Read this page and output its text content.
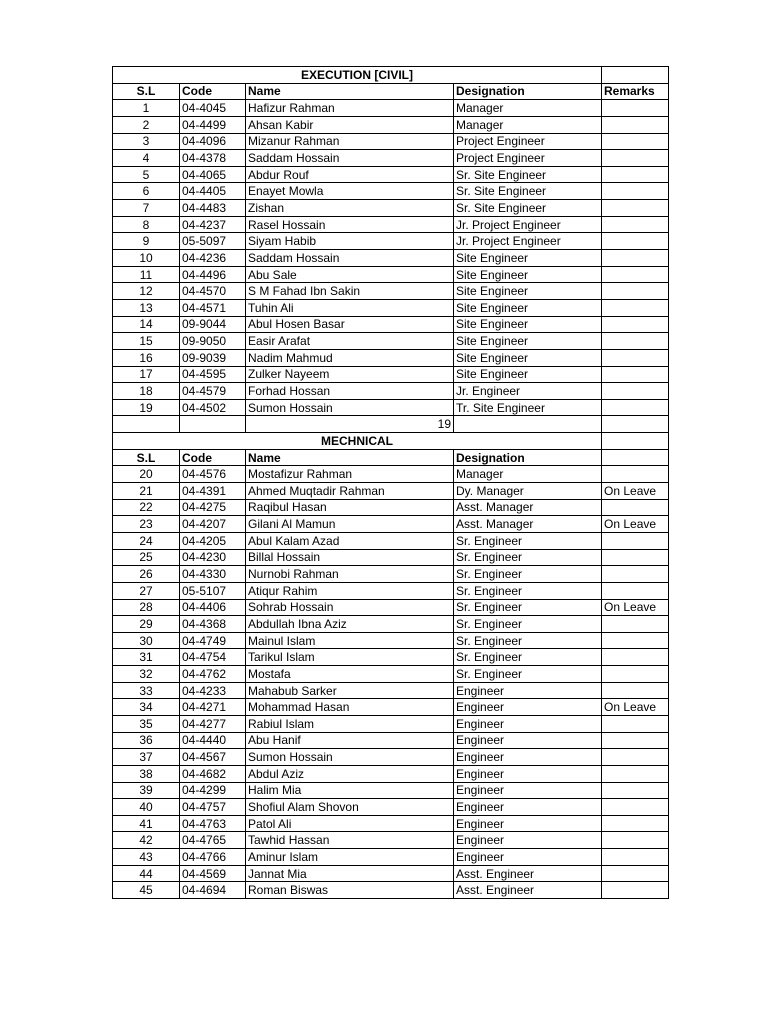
EXECUTION [CIVIL]				
S.L	Code	Name	Designation	Remarks
1	04-4045	Hafizur Rahman	Manager	
2	04-4499	Ahsan Kabir	Manager	
3	04-4096	Mizanur Rahman	Project Engineer	
4	04-4378	Saddam Hossain	Project Engineer	
5	04-4065	Abdur Rouf	Sr. Site Engineer	
6	04-4405	Enayet Mowla	Sr. Site Engineer	
7	04-4483	Zishan	Sr. Site Engineer	
8	04-4237	Rasel Hossain	Jr. Project Engineer	
9	05-5097	Siyam Habib	Jr. Project Engineer	
10	04-4236	Saddam Hossain	Site Engineer	
11	04-4496	Abu Sale	Site Engineer	
12	04-4570	S M Fahad Ibn Sakin	Site Engineer	
13	04-4571	Tuhin Ali	Site Engineer	
14	09-9044	Abul Hosen Basar	Site Engineer	
15	09-9050	Easir Arafat	Site Engineer	
16	09-9039	Nadim Mahmud	Site Engineer	
17	04-4595	Zulker Nayeem	Site Engineer	
18	04-4579	Forhad Hossan	Jr. Engineer	
19	04-4502	Sumon Hossain	Tr. Site Engineer	
		19		
MECHNICAL				
S.L	Code	Name	Designation	
20	04-4576	Mostafizur Rahman	Manager	
21	04-4391	Ahmed Muqtadir Rahman	Dy. Manager	On Leave
22	04-4275	Raqibul Hasan	Asst. Manager	
23	04-4207	Gilani Al Mamun	Asst. Manager	On Leave
24	04-4205	Abul Kalam Azad	Sr. Engineer	
25	04-4230	Billal Hossain	Sr. Engineer	
26	04-4330	Nurnobi Rahman	Sr. Engineer	
27	05-5107	Atiqur Rahim	Sr. Engineer	
28	04-4406	Sohrab Hossain	Sr. Engineer	On Leave
29	04-4368	Abdullah Ibna Aziz	Sr. Engineer	
30	04-4749	Mainul Islam	Sr. Engineer	
31	04-4754	Tarikul Islam	Sr. Engineer	
32	04-4762	Mostafa	Sr. Engineer	
33	04-4233	Mahabub Sarker	Engineer	
34	04-4271	Mohammad Hasan	Engineer	On Leave
35	04-4277	Rabiul Islam	Engineer	
36	04-4440	Abu Hanif	Engineer	
37	04-4567	Sumon Hossain	Engineer	
38	04-4682	Abdul Aziz	Engineer	
39	04-4299	Halim Mia	Engineer	
40	04-4757	Shofiul Alam Shovon	Engineer	
41	04-4763	Patol Ali	Engineer	
42	04-4765	Tawhid Hassan	Engineer	
43	04-4766	Aminur Islam	Engineer	
44	04-4569	Jannat Mia	Asst. Engineer	
45	04-4694	Roman Biswas	Asst. Engineer	
